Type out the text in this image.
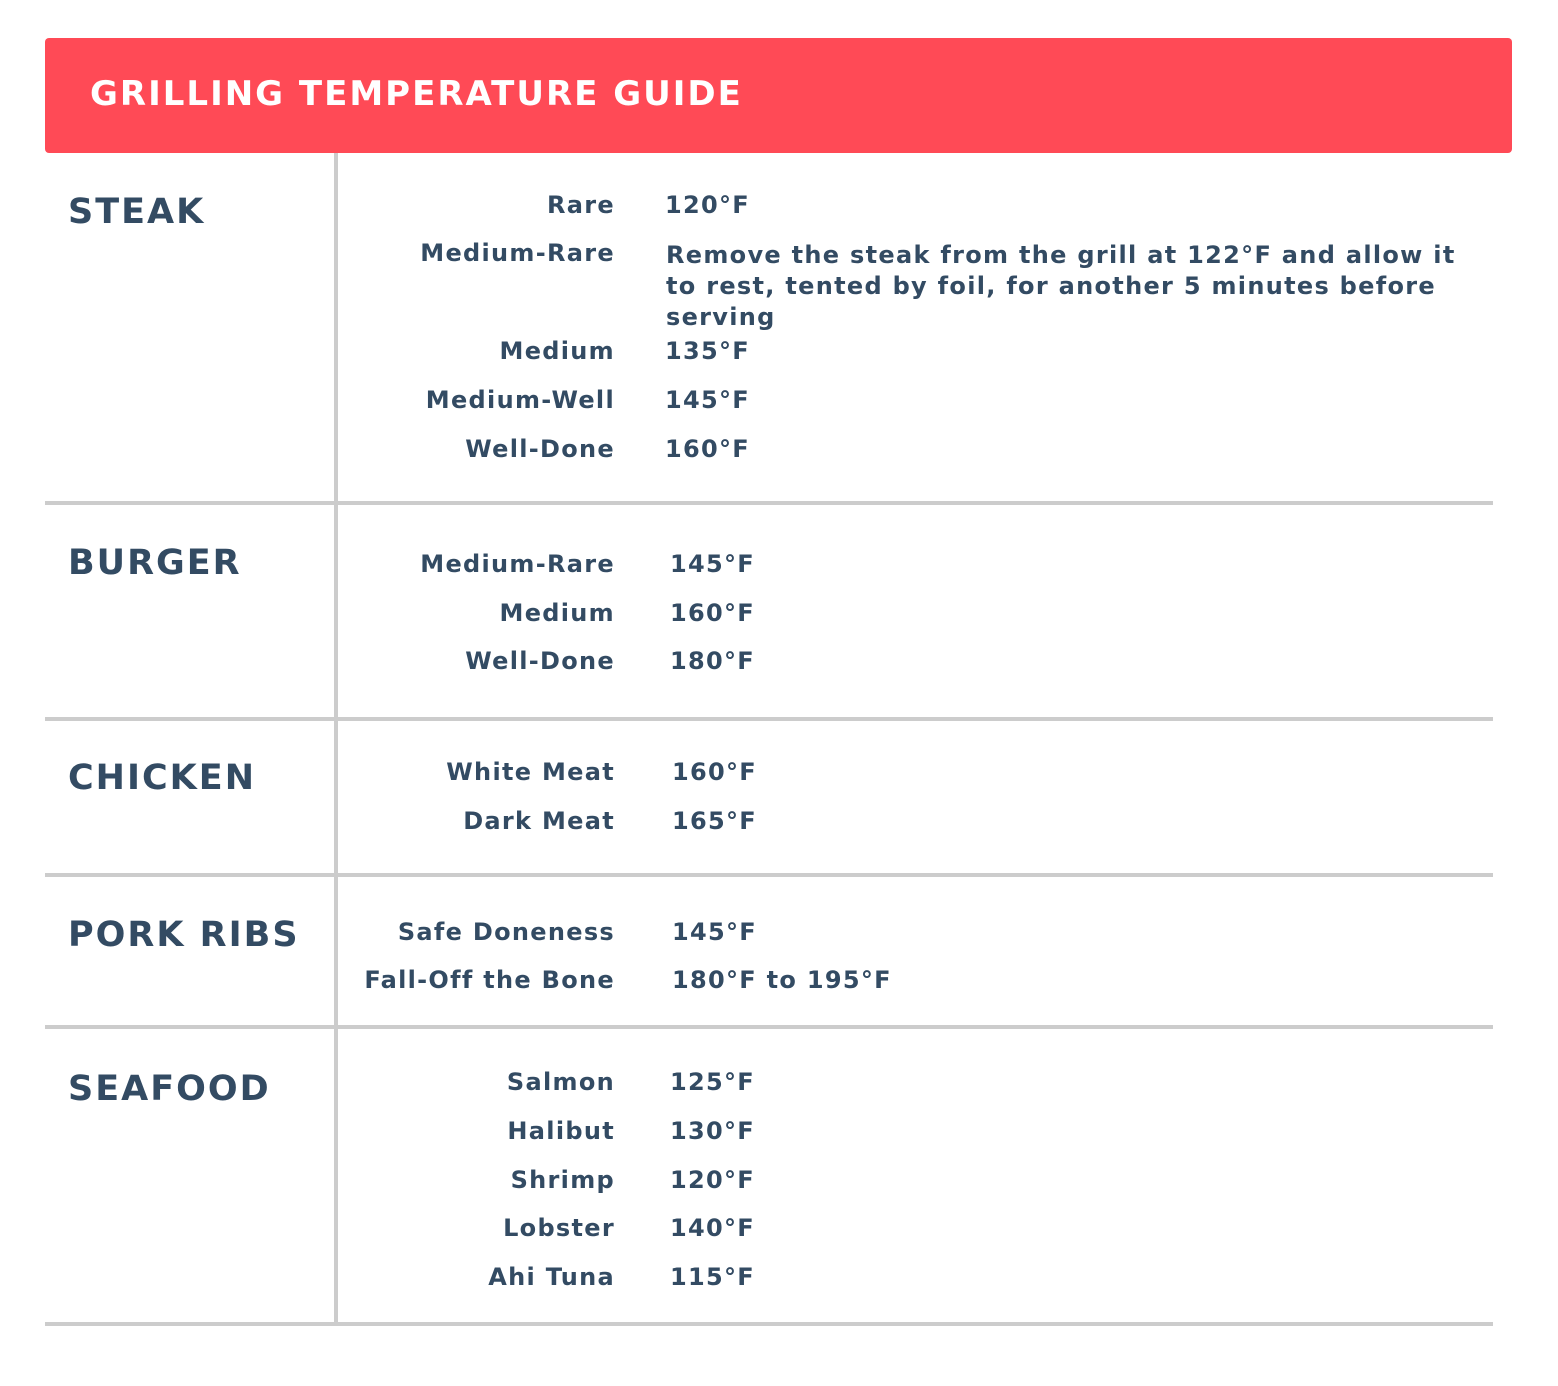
GRILLING TEMPERATURE GUIDE
STEAK	Rare 120°F
Medium-Rare Remove the steak from the grill at 122°F and allow it to rest, tented by foil, for another 5 minutes before serving
Medium 135°F
Medium-Well 145°F
Well-Done 160°F
BURGER	Medium-Rare 145°F
Medium 160°F
Well-Done 180°F
CHICKEN	White Meat 160°F
Dark Meat 165°F
PORK RIBS	Safe Doneness 145°F
Fall-Off the Bone 180°F to 195°F
SEAFOOD	Salmon 125°F
Halibut 130°F
Shrimp 120°F
Lobster 140°F
Ahi Tuna 115°F
